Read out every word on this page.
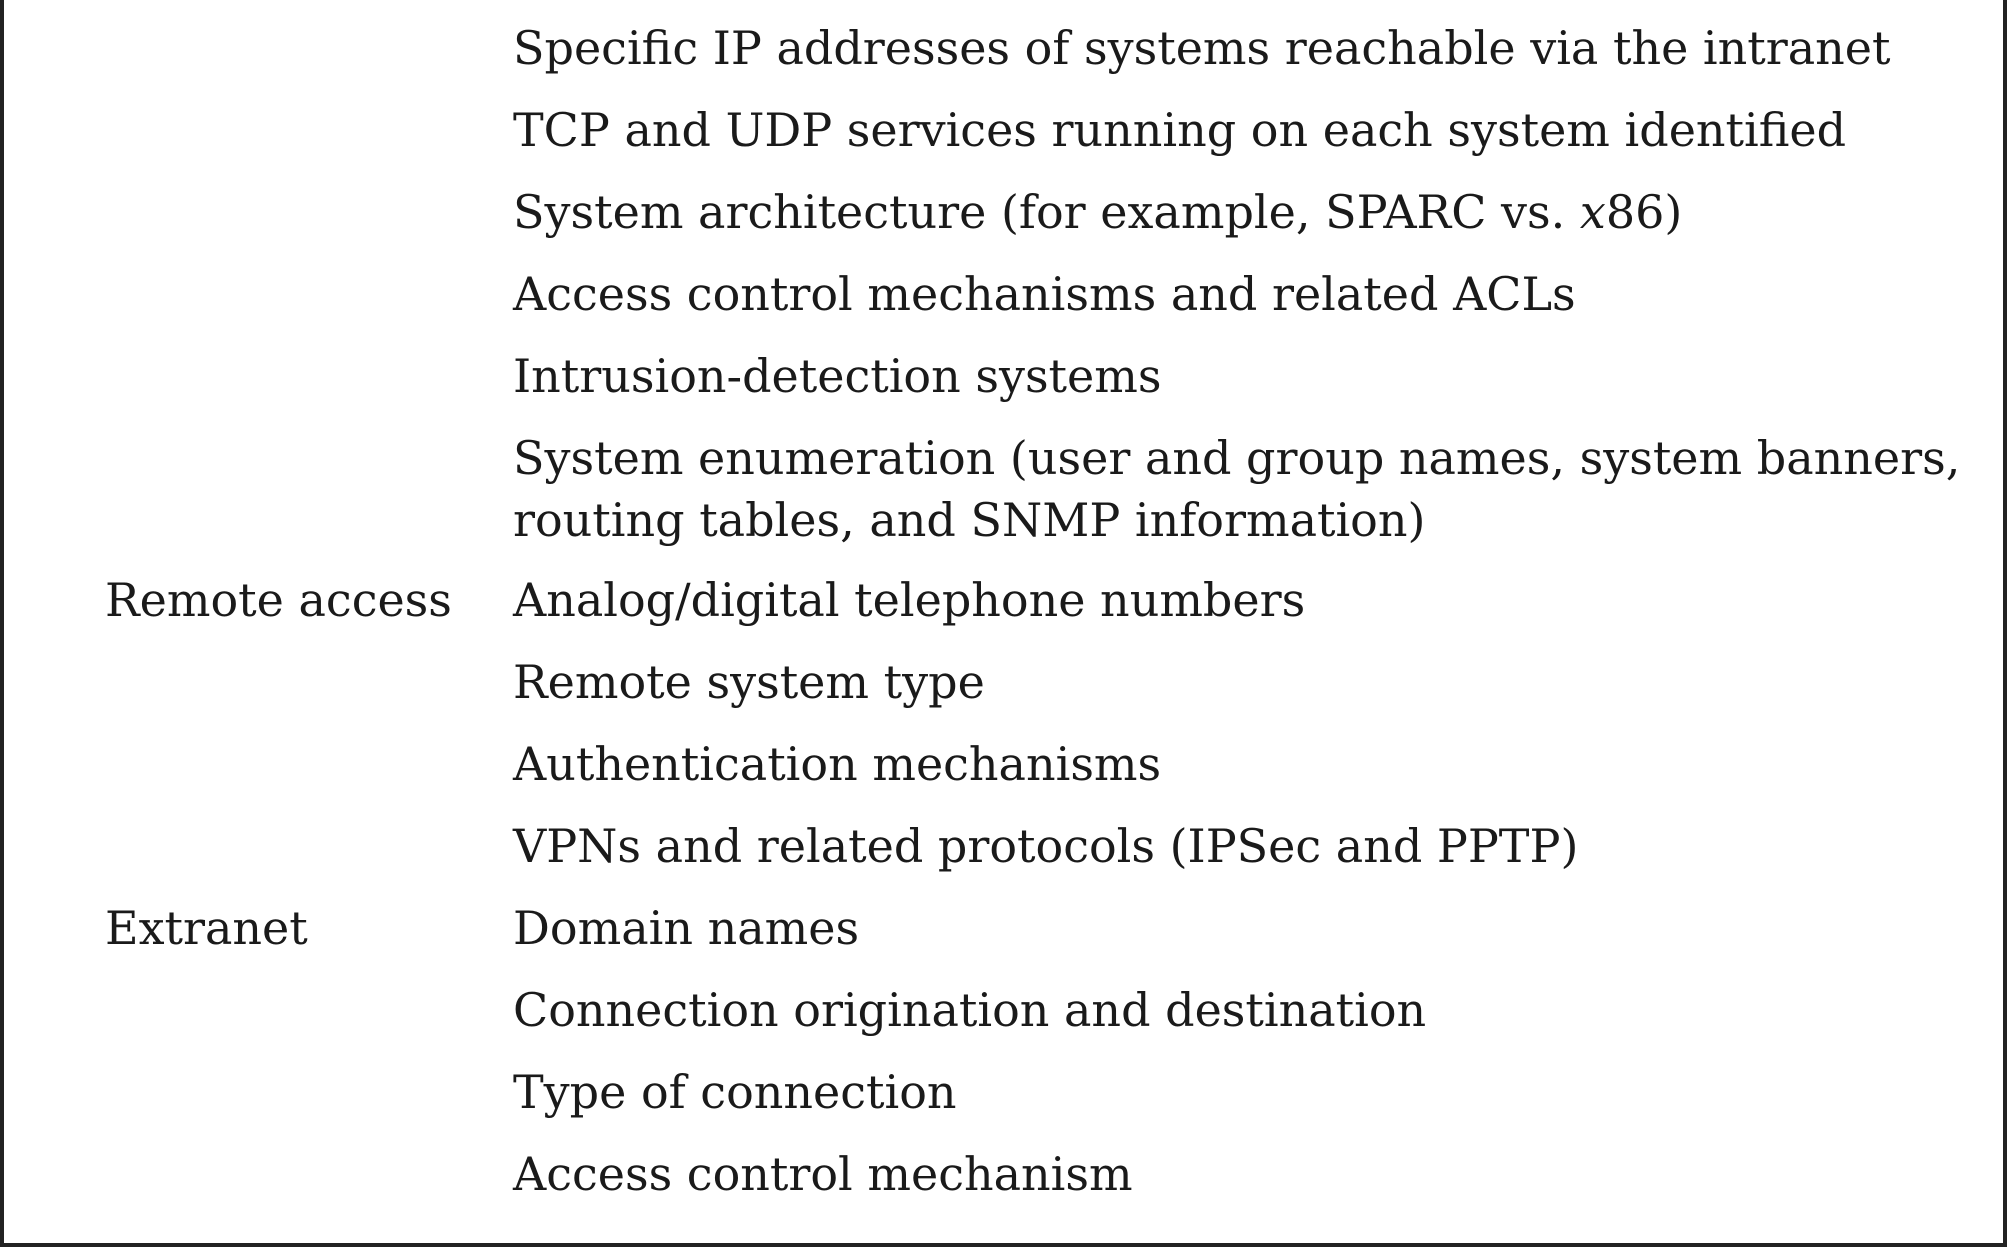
Specific IP addresses of systems reachable via the intranet
TCP and UDP services running on each system identified
System architecture (for example, SPARC vs. x86)
Access control mechanisms and related ACLs
Intrusion-detection systems
System enumeration (user and group names, system banners,
routing tables, and SNMP information)
Remote access Analog/digital telephone numbers
Remote system type
Authentication mechanisms
VPNs and related protocols (IPSec and PPTP)
Extranet	Domain names
Connection origination and destination
Type of connection
Access control mechanism
